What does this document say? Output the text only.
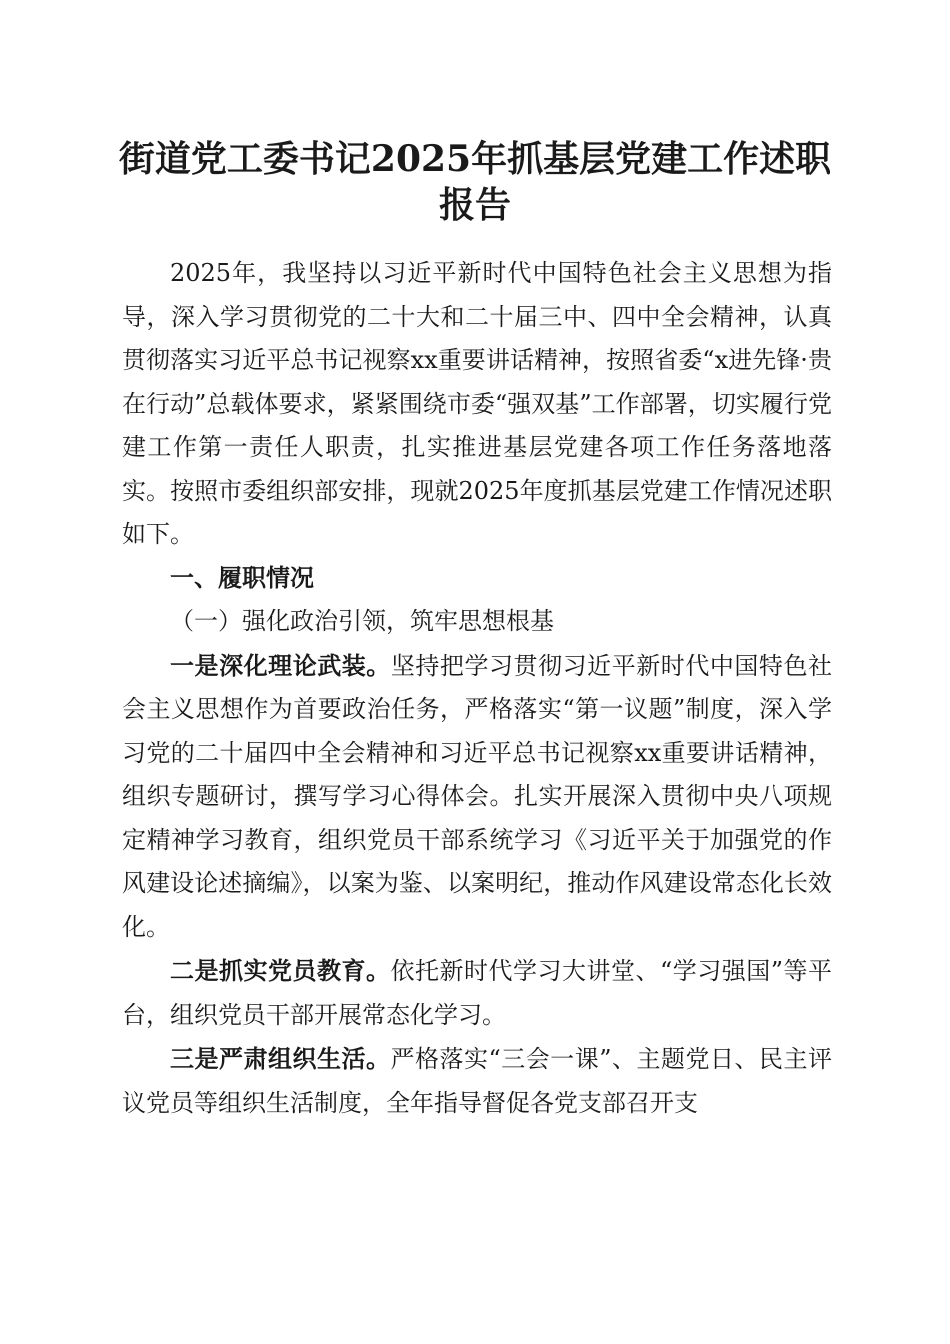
街道党工委书记2025年抓基层党建工作述职
报告

2025年，我坚持以习近平新时代中国特色社会主义思想为指导，深入学习贯彻党的二十大和二十届三中、四中全会精神，认真贯彻落实习近平总书记视察xx重要讲话精神，按照省委“x进先锋·贵在行动”总载体要求，紧紧围绕市委“强双基”工作部署，切实履行党建工作第一责任人职责，扎实推进基层党建各项工作任务落地落实。按照市委组织部安排，现就2025年度抓基层党建工作情况述职如下。

一、履职情况

（一）强化政治引领，筑牢思想根基

一是深化理论武装。坚持把学习贯彻习近平新时代中国特色社会主义思想作为首要政治任务，严格落实“第一议题”制度，深入学习党的二十届四中全会精神和习近平总书记视察xx重要讲话精神，组织专题研讨，撰写学习心得体会。扎实开展深入贯彻中央八项规定精神学习教育，组织党员干部系统学习《习近平关于加强党的作风建设论述摘编》，以案为鉴、以案明纪，推动作风建设常态化长效化。

二是抓实党员教育。依托新时代学习大讲堂、“学习强国”等平台，组织党员干部开展常态化学习。

三是严肃组织生活。严格落实“三会一课”、主题党日、民主评议党员等组织生活制度，全年指导督促各党支部召开支
